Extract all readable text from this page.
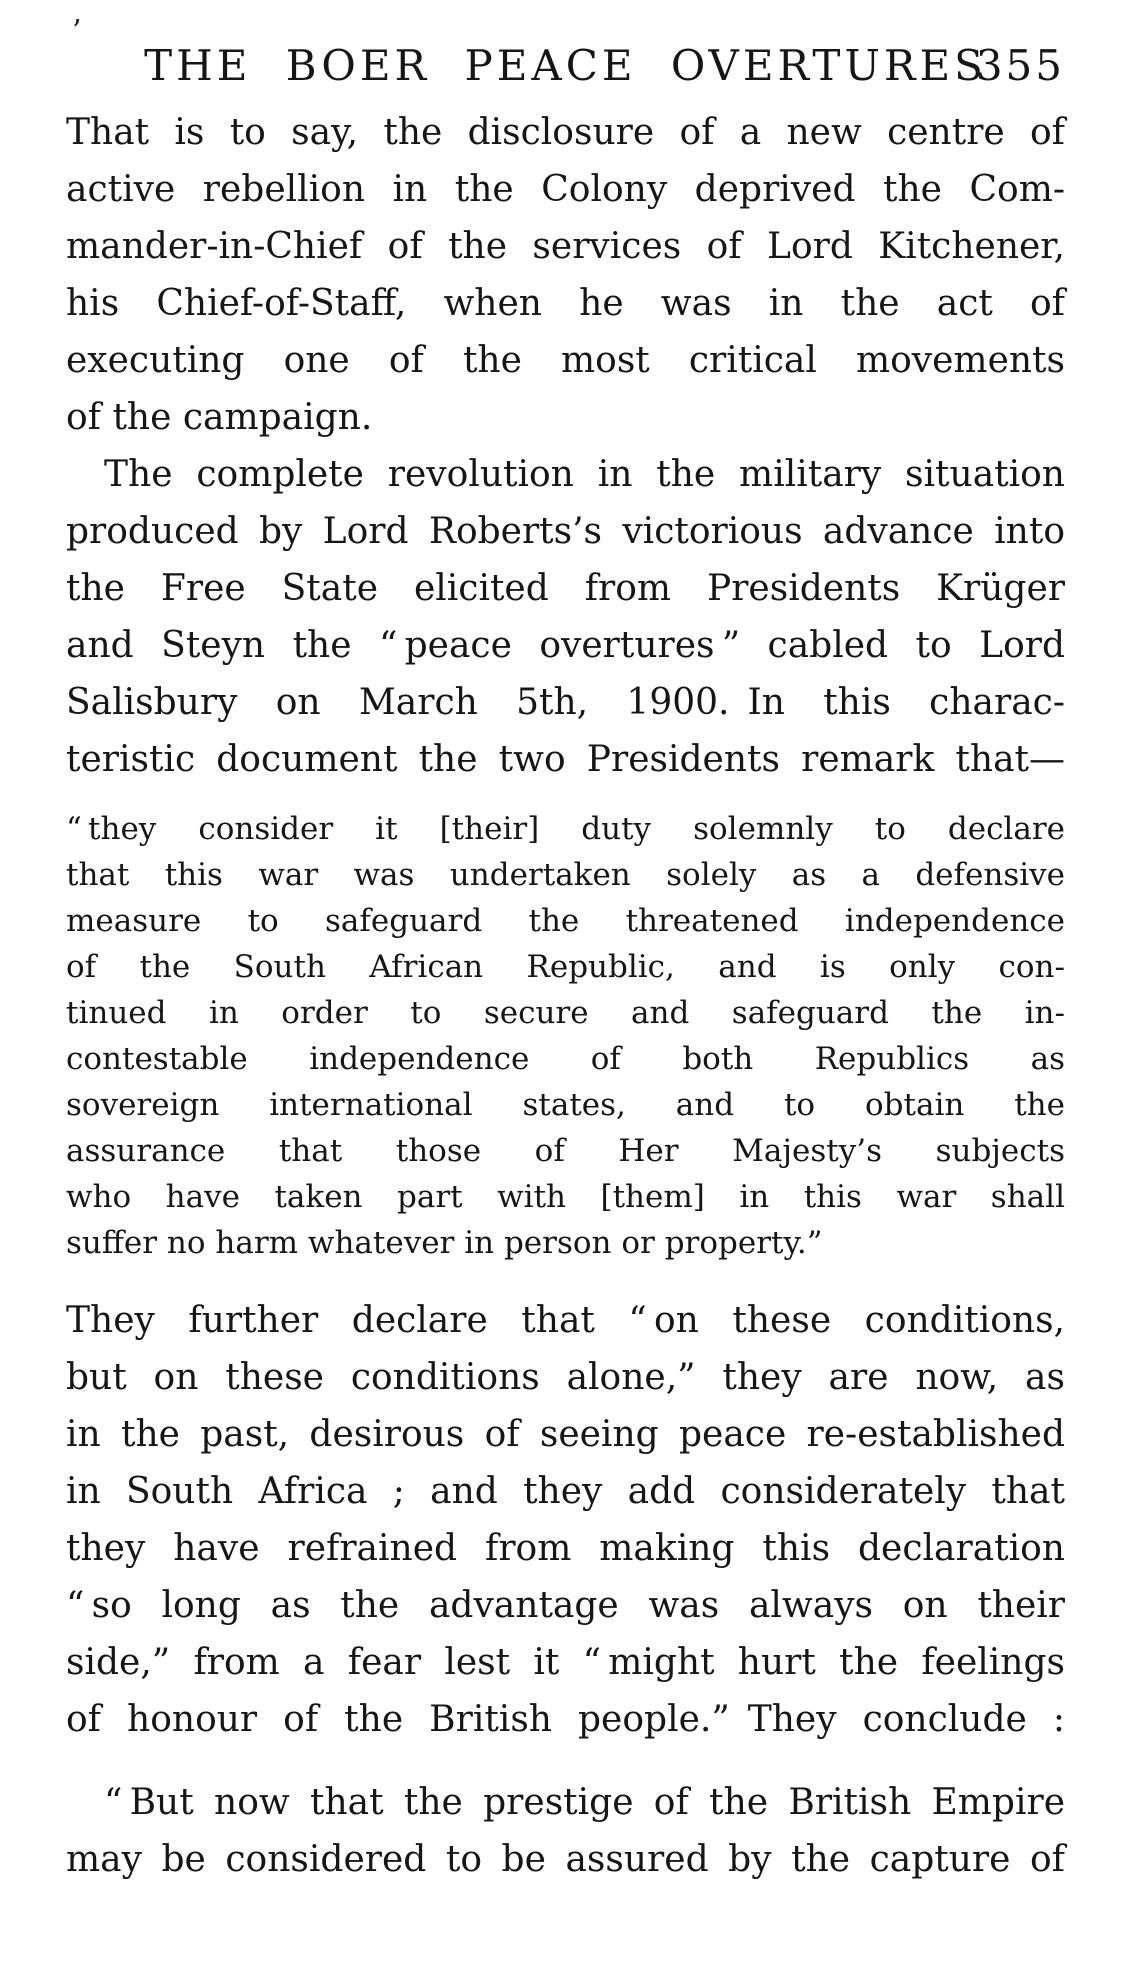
’
THE BOER PEACE OVERTURES
355
That is to say, the disclosure of a new centre of
active rebellion in the Colony deprived the Com-
mander-in-Chief of the services of Lord Kitchener,
his Chief-of-Staff, when he was in the act of
executing one of the most critical movements
of the campaign.
The complete revolution in the military situation
produced by Lord Roberts’s victorious advance into
the Free State elicited from Presidents Krüger
and Steyn the “ peace overtures ” cabled to Lord
Salisbury on March 5th, 1900. In this charac-
teristic document the two Presidents remark that—
“ they consider it [their] duty solemnly to declare
that this war was undertaken solely as a defensive
measure to safeguard the threatened independence
of the South African Republic, and is only con-
tinued in order to secure and safeguard the in-
contestable independence of both Republics as
sovereign international states, and to obtain the
assurance that those of Her Majesty’s subjects
who have taken part with [them] in this war shall
suffer no harm whatever in person or property.”
They further declare that “ on these conditions,
but on these conditions alone,” they are now, as
in the past, desirous of seeing peace re-established
in South Africa ; and they add considerately that
they have refrained from making this declaration
“ so long as the advantage was always on their
side,” from a fear lest it “ might hurt the feelings
of honour of the British people.” They conclude :
“ But now that the prestige of the British Empire
may be considered to be assured by the capture of
